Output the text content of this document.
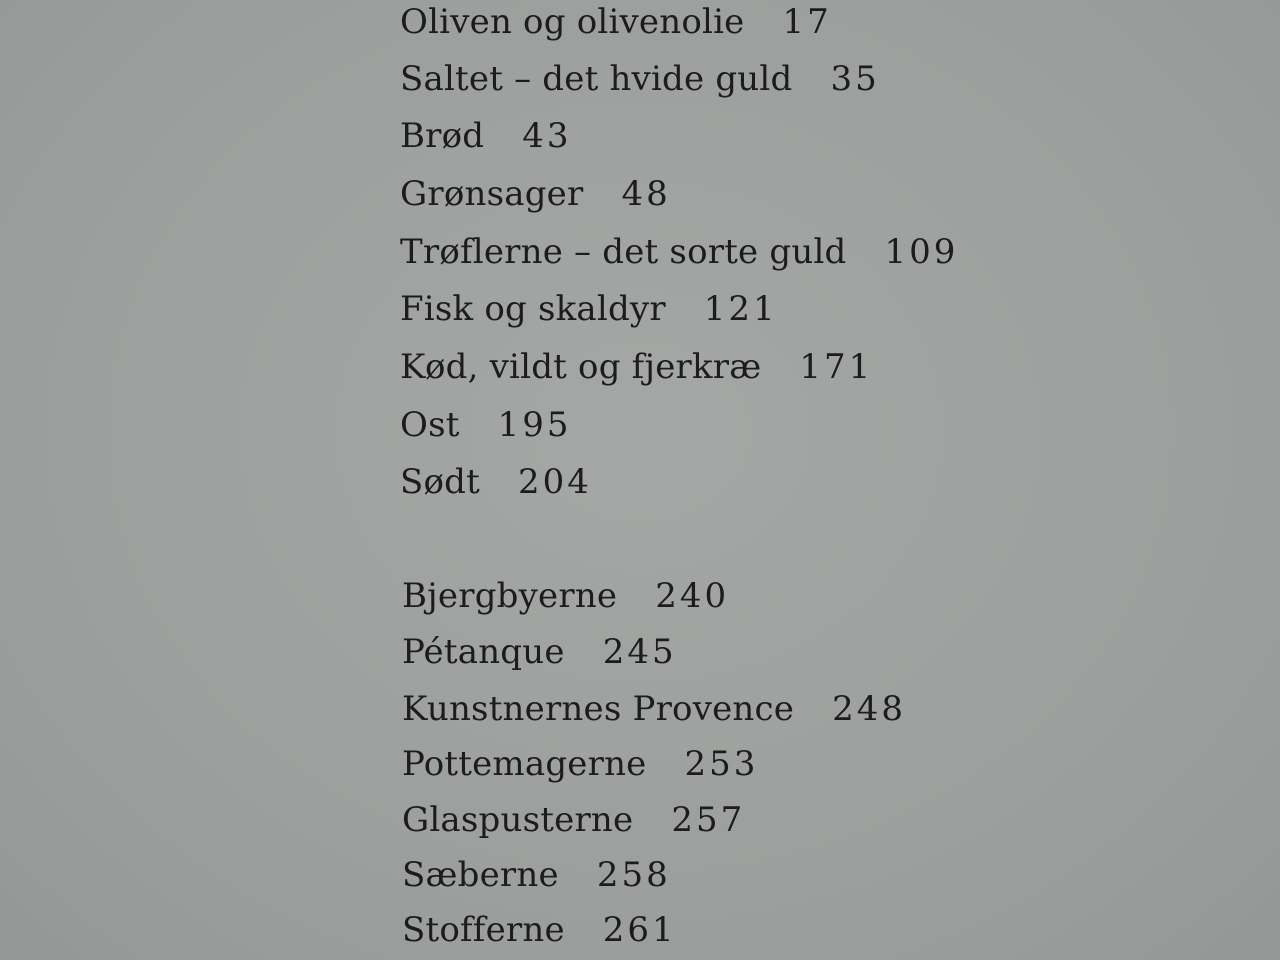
Oliven og olivenolie 17
Saltet – det hvide guld 35
Brød 43
Grønsager 48
Trøflerne – det sorte guld 109
Fisk og skaldyr 121
Kød, vildt og fjerkræ 171
Ost 195
Sødt 204
Bjergbyerne 240
Pétanque 245
Kunstnernes Provence 248
Pottemagerne 253
Glaspusterne 257
Sæberne 258
Stofferne 261
